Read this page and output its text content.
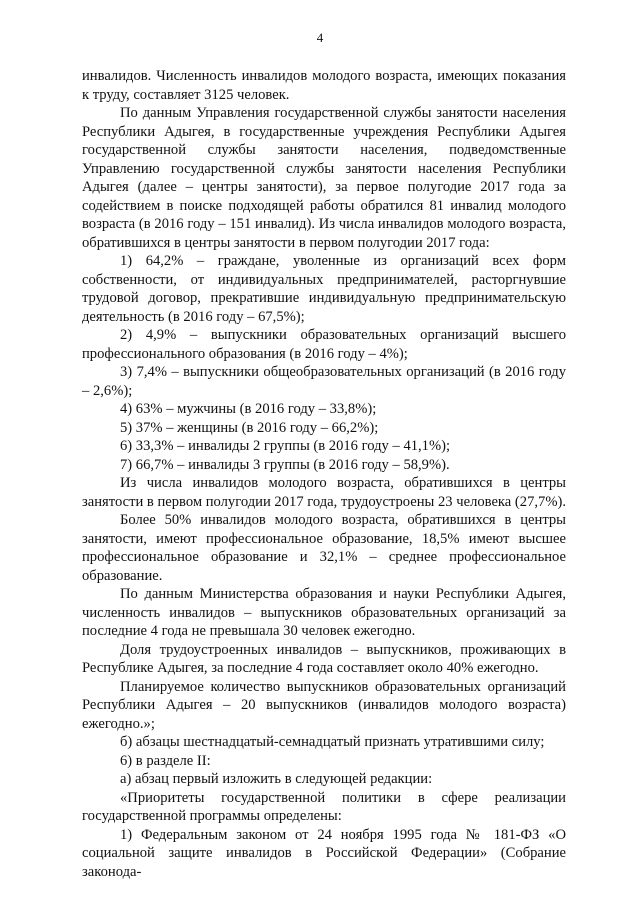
4

инвалидов. Численность инвалидов молодого возраста, имеющих показания к труду, составляет 3125 человек.

По данным Управления государственной службы занятости населения Республики Адыгея, в государственные учреждения Республики Адыгея государственной службы занятости населения, подведомственные Управлению государственной службы занятости населения Республики Адыгея (далее – центры занятости), за первое полугодие 2017 года за содействием в поиске подходящей работы обратился 81 инвалид молодого возраста (в 2016 году – 151 инвалид). Из числа инвалидов молодого возраста, обратившихся в центры занятости в первом полугодии 2017 года:

1) 64,2% – граждане, уволенные из организаций всех форм собственности, от индивидуальных предпринимателей, расторгнувшие трудовой договор, прекратившие индивидуальную предпринимательскую деятельность (в 2016 году – 67,5%);

2) 4,9% – выпускники образовательных организаций высшего профессионального образования (в 2016 году – 4%);

3) 7,4% – выпускники общеобразовательных организаций (в 2016 году – 2,6%);

4) 63% – мужчины (в 2016 году – 33,8%);

5) 37% – женщины (в 2016 году – 66,2%);

6) 33,3% – инвалиды 2 группы (в 2016 году – 41,1%);

7) 66,7% – инвалиды 3 группы (в 2016 году – 58,9%).

Из числа инвалидов молодого возраста, обратившихся в центры занятости в первом полугодии 2017 года, трудоустроены 23 человека (27,7%).

Более 50% инвалидов молодого возраста, обратившихся в центры занятости, имеют профессиональное образование, 18,5% имеют высшее профессиональное образование и 32,1% – среднее профессиональное образование.

По данным Министерства образования и науки Республики Адыгея, численность инвалидов – выпускников образовательных организаций за последние 4 года не превышала 30 человек ежегодно.

Доля трудоустроенных инвалидов – выпускников, проживающих в Республике Адыгея, за последние 4 года составляет около 40% ежегодно.

Планируемое количество выпускников образовательных организаций Республики Адыгея – 20 выпускников (инвалидов молодого возраста) ежегодно.»;

б) абзацы шестнадцатый-семнадцатый признать утратившими силу;

6) в разделе II:

а) абзац первый изложить в следующей редакции:

«Приоритеты государственной политики в сфере реализации государственной программы определены:

1) Федеральным законом от 24 ноября 1995 года № 181-ФЗ «О социальной защите инвалидов в Российской Федерации» (Собрание законода-
